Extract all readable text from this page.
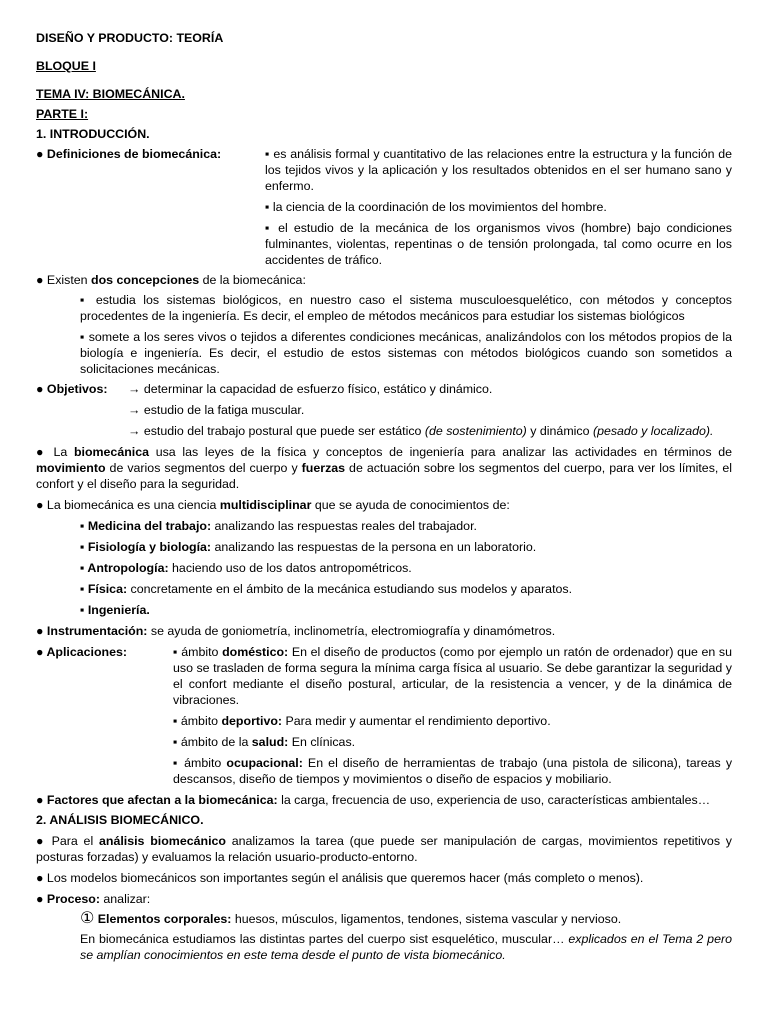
DISEÑO Y PRODUCTO: TEORÍA

BLOQUE I

TEMA IV: BIOMECÁNICA.

PARTE I:

1. INTRODUCCIÓN.

● Definiciones de biomecánica:	▪ es análisis formal y cuantitativo de las relaciones entre la estructura y la función de los tejidos vivos y la aplicación y los resultados obtenidos en el ser humano sano y enfermo.

▪ la ciencia de la coordinación de los movimientos del hombre.

▪ el estudio de la mecánica de los organismos vivos (hombre) bajo condiciones fulminantes, violentas, repentinas o de tensión prolongada, tal como ocurre en los accidentes de tráfico.

● Existen dos concepciones de la biomecánica:

▪ estudia los sistemas biológicos, en nuestro caso el sistema musculoesquelético, con métodos y conceptos procedentes de la ingeniería. Es decir, el empleo de métodos mecánicos para estudiar los sistemas biológicos

▪ somete a los seres vivos o tejidos a diferentes condiciones mecánicas, analizándolos con los métodos propios de la biología e ingeniería. Es decir, el estudio de estos sistemas con métodos biológicos cuando son sometidos a solicitaciones mecánicas.

● Objetivos:	→ determinar la capacidad de esfuerzo físico, estático y dinámico.

→ estudio de la fatiga muscular.

→ estudio del trabajo postural que puede ser estático (de sostenimiento) y dinámico (pesado y localizado).

● La biomecánica usa las leyes de la física y conceptos de ingeniería para analizar las actividades en términos de movimiento de varios segmentos del cuerpo y fuerzas de actuación sobre los segmentos del cuerpo, para ver los límites, el confort y el diseño para la seguridad.

● La biomecánica es una ciencia multidisciplinar que se ayuda de conocimientos de:

▪ Medicina del trabajo: analizando las respuestas reales del trabajador.

▪ Fisiología y biología: analizando las respuestas de la persona en un laboratorio.

▪ Antropología: haciendo uso de los datos antropométricos.

▪ Física: concretamente en el ámbito de la mecánica estudiando sus modelos y aparatos.

▪ Ingeniería.

● Instrumentación: se ayuda de goniometría, inclinometría, electromiografía y dinamómetros.

● Aplicaciones:	▪ ámbito doméstico: En el diseño de productos (como por ejemplo un ratón de ordenador) que en su uso se trasladen de forma segura la mínima carga física al usuario. Se debe garantizar la seguridad y el confort mediante el diseño postural, articular, de la resistencia a vencer, y de la dinámica de vibraciones.

▪ ámbito deportivo: Para medir y aumentar el rendimiento deportivo.

▪ ámbito de la salud: En clínicas.

▪ ámbito ocupacional: En el diseño de herramientas de trabajo (una pistola de silicona), tareas y descansos, diseño de tiempos y movimientos o diseño de espacios y mobiliario.

● Factores que afectan a la biomecánica: la carga, frecuencia de uso, experiencia de uso, características ambientales…

2. ANÁLISIS BIOMECÁNICO.

● Para el análisis biomecánico analizamos la tarea (que puede ser manipulación de cargas, movimientos repetitivos y posturas forzadas) y evaluamos la relación usuario-producto-entorno.

● Los modelos biomecánicos son importantes según el análisis que queremos hacer (más completo o menos).

● Proceso: analizar:

① Elementos corporales: huesos, músculos, ligamentos, tendones, sistema vascular y nervioso.

En biomecánica estudiamos las distintas partes del cuerpo sist esquelético, muscular… explicados en el Tema 2 pero se amplían conocimientos en este tema desde el punto de vista biomecánico.
